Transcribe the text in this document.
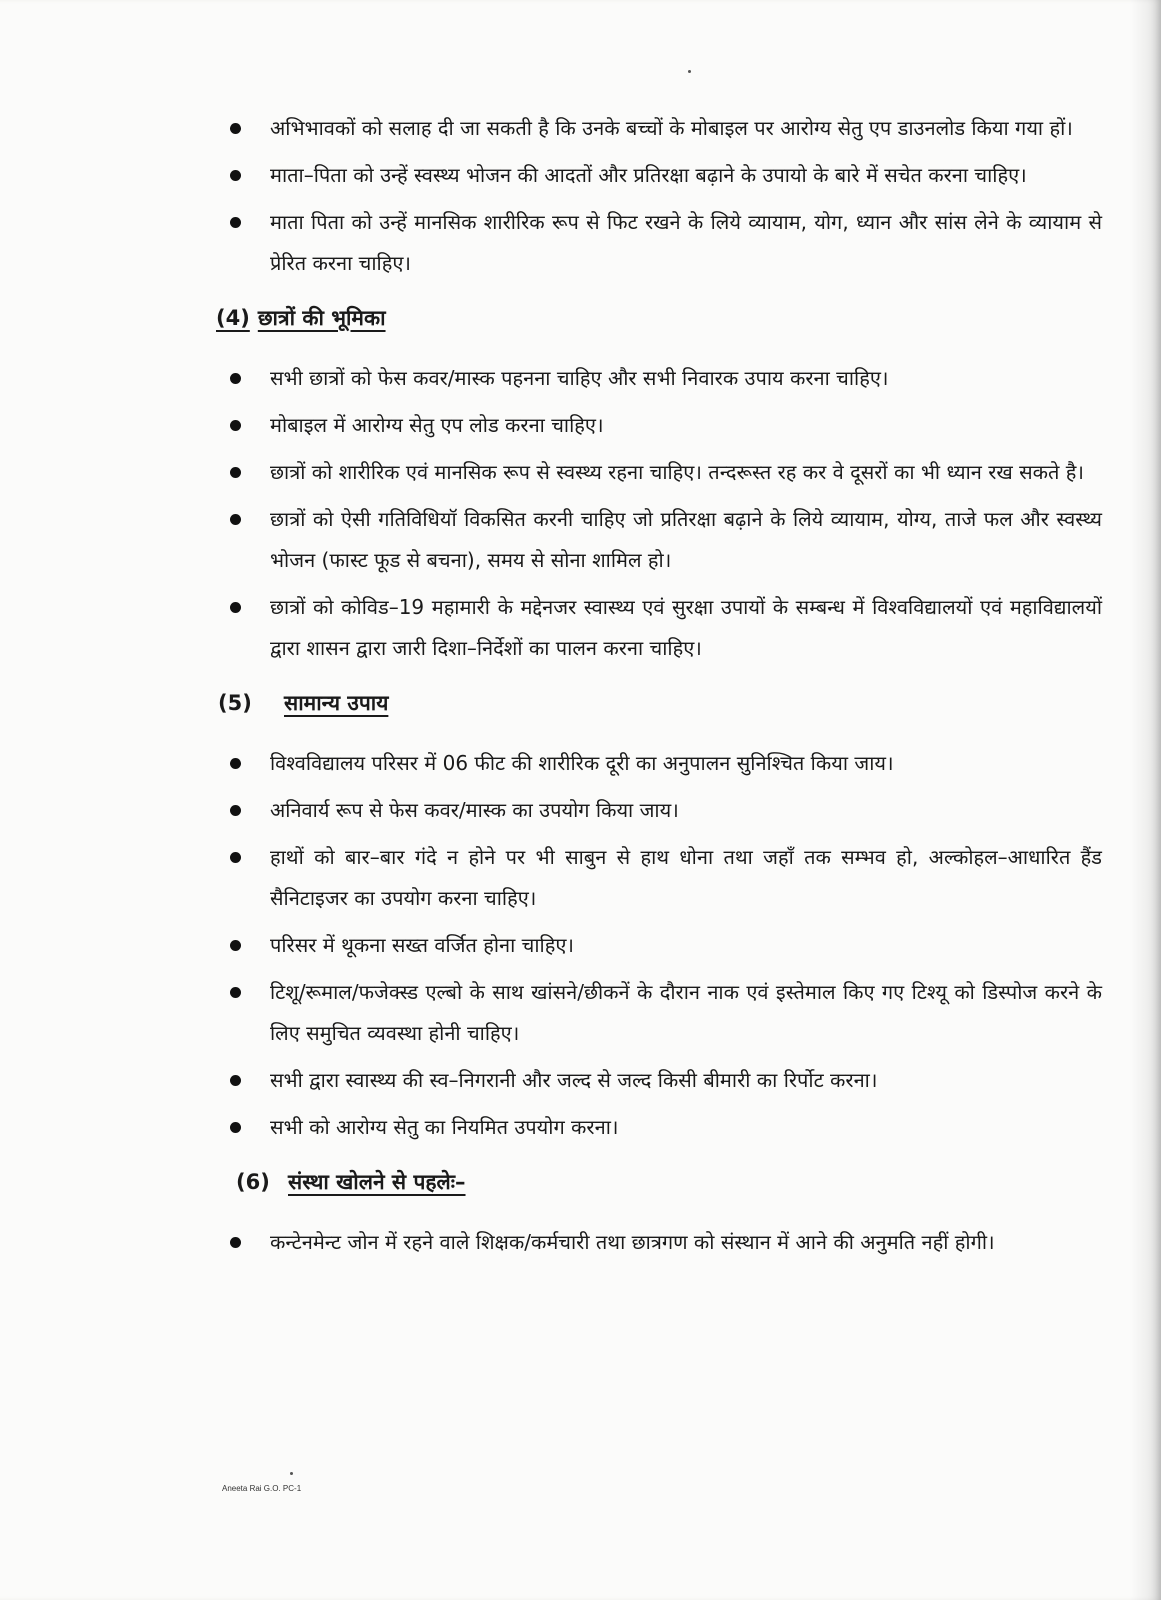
अभिभावकों को सलाह दी जा सकती है कि उनके बच्चों के मोबाइल पर आरोग्य सेतु एप डाउनलोड किया गया हों।
माता–पिता को उन्हें स्वस्थ्य भोजन की आदतों और प्रतिरक्षा बढ़ाने के उपायो के बारे में सचेत करना चाहिए।
माता पिता को उन्हें मानसिक शारीरिक रूप से फिट रखने के लिये व्यायाम, योग, ध्यान और सांस लेने के व्यायाम से प्रेरित करना चाहिए।
(4) छात्रों की भूमिका
सभी छात्रों को फेस कवर/मास्क पहनना चाहिए और सभी निवारक उपाय करना चाहिए।
मोबाइल में आरोग्य सेतु एप लोड करना चाहिए।
छात्रों को शारीरिक एवं मानसिक रूप से स्वस्थ्य रहना चाहिए। तन्दरूस्त रह कर वे दूसरों का भी ध्यान रख सकते है।
छात्रों को ऐसी गतिविधियॉ विकसित करनी चाहिए जो प्रतिरक्षा बढ़ाने के लिये व्यायाम, योग्य, ताजे फल और स्वस्थ्य भोजन (फास्ट फूड से बचना), समय से सोना शामिल हो।
छात्रों को कोविड–19 महामारी के मद्देनजर स्वास्थ्य एवं सुरक्षा उपायों के सम्बन्ध में विश्वविद्यालयों एवं महाविद्यालयों द्वारा शासन द्वारा जारी दिशा–निर्देशों का पालन करना चाहिए।
(5)	सामान्य उपाय
विश्वविद्यालय परिसर में 06 फीट की शारीरिक दूरी का अनुपालन सुनिश्चित किया जाय।
अनिवार्य रूप से फेस कवर/मास्क का उपयोग किया जाय।
हाथों को बार–बार गंदे न होने पर भी साबुन से हाथ धोना तथा जहाँ तक सम्भव हो, अल्कोहल–आधारित हैंड सैनिटाइजर का उपयोग करना चाहिए।
परिसर में थूकना सख्त वर्जित होना चाहिए।
टिशू/रूमाल/फजेक्स्ड एल्बो के साथ खांसने/छीकनें के दौरान नाक एवं इस्तेमाल किए गए टिश्यू को डिस्पोज करने के लिए समुचित व्यवस्था होनी चाहिए।
सभी द्वारा स्वास्थ्य की स्व–निगरानी और जल्द से जल्द किसी बीमारी का रिर्पोट करना।
सभी को आरोग्य सेतु का नियमित उपयोग करना।
(6) संस्था खोलने से पहलेः–
कन्टेनमेन्ट जोन में रहने वाले शिक्षक/कर्मचारी तथा छात्रगण को संस्थान में आने की अनुमति नहीं होगी।
Aneeta Rai G.O. PC-1
